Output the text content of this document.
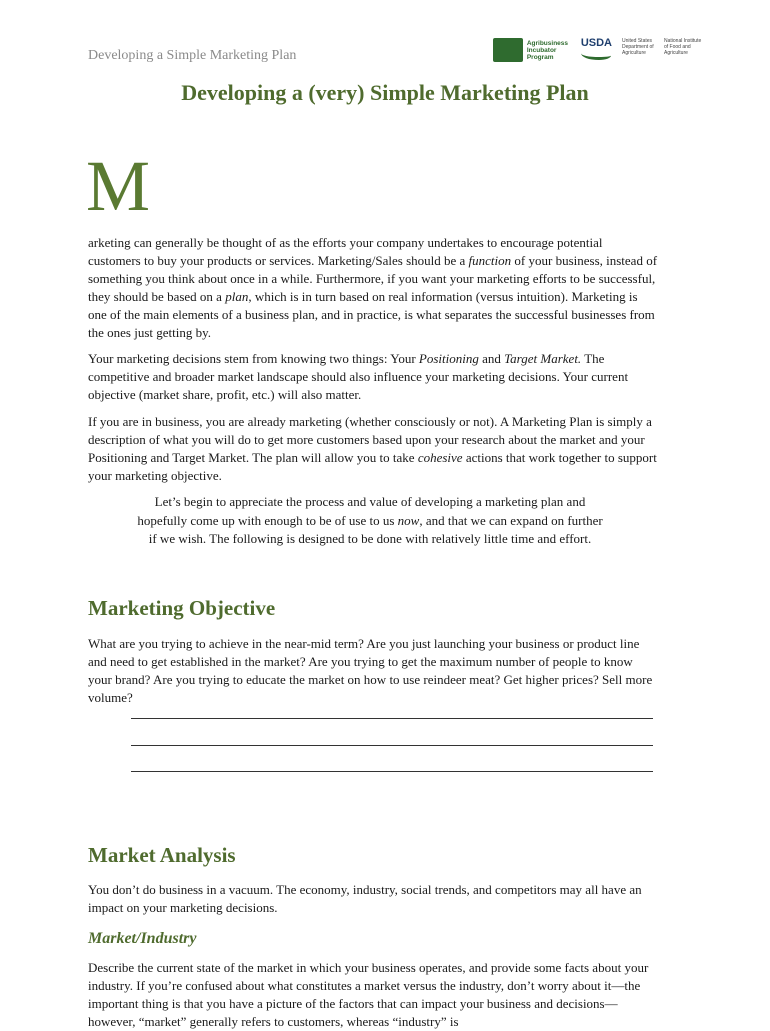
Developing a Simple Marketing Plan
Agribusiness Incubator Program
USDA United States Department of Agriculture
National Institute of Food and Agriculture
Developing a (very) Simple Marketing Plan
M

arketing can generally be thought of as the efforts your company undertakes to encourage potential customers to buy your products or services. Marketing/Sales should be a function of your business, instead of something you think about once in a while. Furthermore, if you want your marketing efforts to be successful, they should be based on a plan, which is in turn based on real information (versus intuition). Marketing is one of the main elements of a business plan, and in practice, is what separates the successful businesses from the ones just getting by.

Your marketing decisions stem from knowing two things: Your Positioning and Target Market. The competitive and broader market landscape should also influence your marketing decisions. Your current objective (market share, profit, etc.) will also matter.

If you are in business, you are already marketing (whether consciously or not). A Marketing Plan is simply a description of what you will do to get more customers based upon your research about the market and your Positioning and Target Market. The plan will allow you to take cohesive actions that work together to support your marketing objective.

Let’s begin to appreciate the process and value of developing a marketing plan and hopefully come up with enough to be of use to us now, and that we can expand on further if we wish. The following is designed to be done with relatively little time and effort.
Marketing Objective
What are you trying to achieve in the near-mid term? Are you just launching your business or product line and need to get established in the market? Are you trying to get the maximum number of people to know your brand? Are you trying to educate the market on how to use reindeer meat? Get higher prices? Sell more volume?
Market Analysis
You don’t do business in a vacuum. The economy, industry, social trends, and competitors may all have an impact on your marketing decisions.
Market/Industry
Describe the current state of the market in which your business operates, and provide some facts about your industry. If you’re confused about what constitutes a market versus the industry, don’t worry about it—the important thing is that you have a picture of the factors that can impact your business and decisions—however, “market” generally refers to customers, whereas “industry” is
